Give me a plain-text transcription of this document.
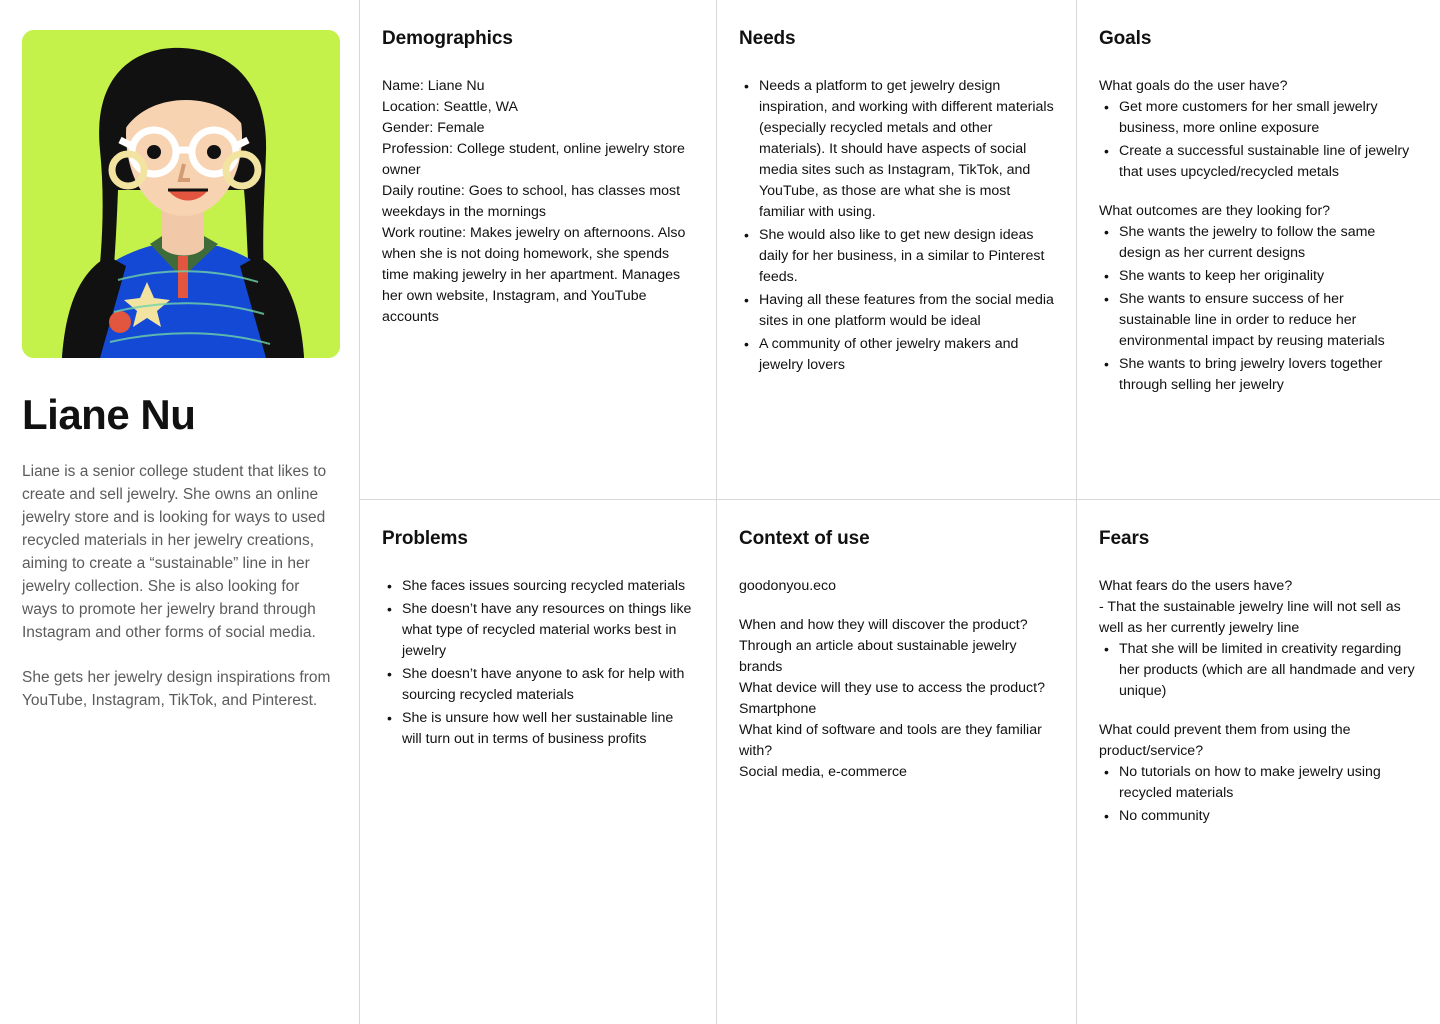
Liane Nu

Liane is a senior college student that likes to create and sell jewelry. She owns an online jewelry store and is looking for ways to used recycled materials in her jewelry creations, aiming to create a “sustainable” line in her jewelry collection. She is also looking for ways to promote her jewelry brand through Instagram and other forms of social media.

She gets her jewelry design inspirations from YouTube, Instagram, TikTok, and Pinterest.

Demographics

Name: Liane Nu
Location: Seattle, WA
Gender: Female
Profession: College student, online jewelry store owner
Daily routine: Goes to school, has classes most weekdays in the mornings
Work routine: Makes jewelry on afternoons. Also when she is not doing homework, she spends time making jewelry in her apartment. Manages her own website, Instagram, and YouTube accounts

Needs
• Needs a platform to get jewelry design inspiration, and working with different materials (especially recycled metals and other materials). It should have aspects of social media sites such as Instagram, TikTok, and YouTube, as those are what she is most familiar with using.
• She would also like to get new design ideas daily for her business, in a similar to Pinterest feeds.
• Having all these features from the social media sites in one platform would be ideal
• A community of other jewelry makers and jewelry lovers
Goals

What goals do the user have?

• Get more customers for her small jewelry business, more online exposure
• Create a successful sustainable line of jewelry that uses upcycled/recycled metals

What outcomes are they looking for?

• She wants the jewelry to follow the same design as her current designs
• She wants to keep her originality
• She wants to ensure success of her sustainable line in order to reduce her environmental impact by reusing materials
• She wants to bring jewelry lovers together through selling her jewelry
Problems
• She faces issues sourcing recycled materials
• She doesn’t have any resources on things like what type of recycled material works best in jewelry
• She doesn’t have anyone to ask for help with sourcing recycled materials
• She is unsure how well her sustainable line will turn out in terms of business profits
Context of use

goodonyou.eco

When and how they will discover the product?
Through an article about sustainable jewelry brands
What device will they use to access the product?
Smartphone
What kind of software and tools are they familiar with?
Social media, e-commerce

Fears

What fears do the users have?
- That the sustainable jewelry line will not sell as well as her currently jewelry line

• That she will be limited in creativity regarding her products (which are all handmade and very unique)

What could prevent them from using the product/service?

• No tutorials on how to make jewelry using recycled materials
• No community
